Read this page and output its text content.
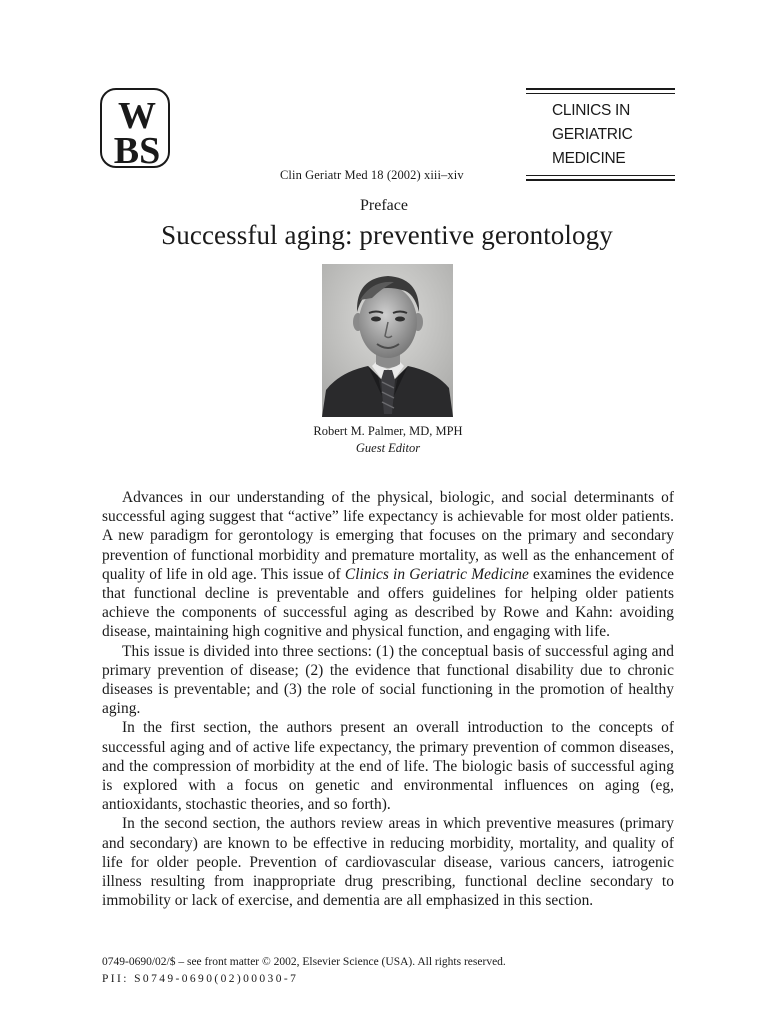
W
BS
Clin Geriatr Med 18 (2002) xiii–xiv
CLINICS IN
GERIATRIC
MEDICINE
Preface
Successful aging: preventive gerontology
Robert M. Palmer, MD, MPH
Guest Editor

Advances in our understanding of the physical, biologic, and social determinants of successful aging suggest that “active” life expectancy is achievable for most older patients. A new paradigm for gerontology is emerging that focuses on the primary and secondary prevention of functional morbidity and premature mortality, as well as the enhancement of quality of life in old age. This issue of Clinics in Geriatric Medicine examines the evidence that functional decline is preventable and offers guidelines for helping older patients achieve the components of successful aging as described by Rowe and Kahn: avoiding disease, maintaining high cognitive and physical function, and engaging with life.

This issue is divided into three sections: (1) the conceptual basis of successful aging and primary prevention of disease; (2) the evidence that functional disability due to chronic diseases is preventable; and (3) the role of social functioning in the promotion of healthy aging.

In the first section, the authors present an overall introduction to the concepts of successful aging and of active life expectancy, the primary prevention of common diseases, and the compression of morbidity at the end of life. The biologic basis of successful aging is explored with a focus on genetic and environmental influences on aging (eg, antioxidants, stochastic theories, and so forth).

In the second section, the authors review areas in which preventive measures (primary and secondary) are known to be effective in reducing morbidity, mortality, and quality of life for older people. Prevention of cardiovascular disease, various cancers, iatrogenic illness resulting from inappropriate drug prescribing, functional decline secondary to immobility or lack of exercise, and dementia are all emphasized in this section.

0749-0690/02/$ – see front matter © 2002, Elsevier Science (USA). All rights reserved.
PII: S0749-0690(02)00030-7
